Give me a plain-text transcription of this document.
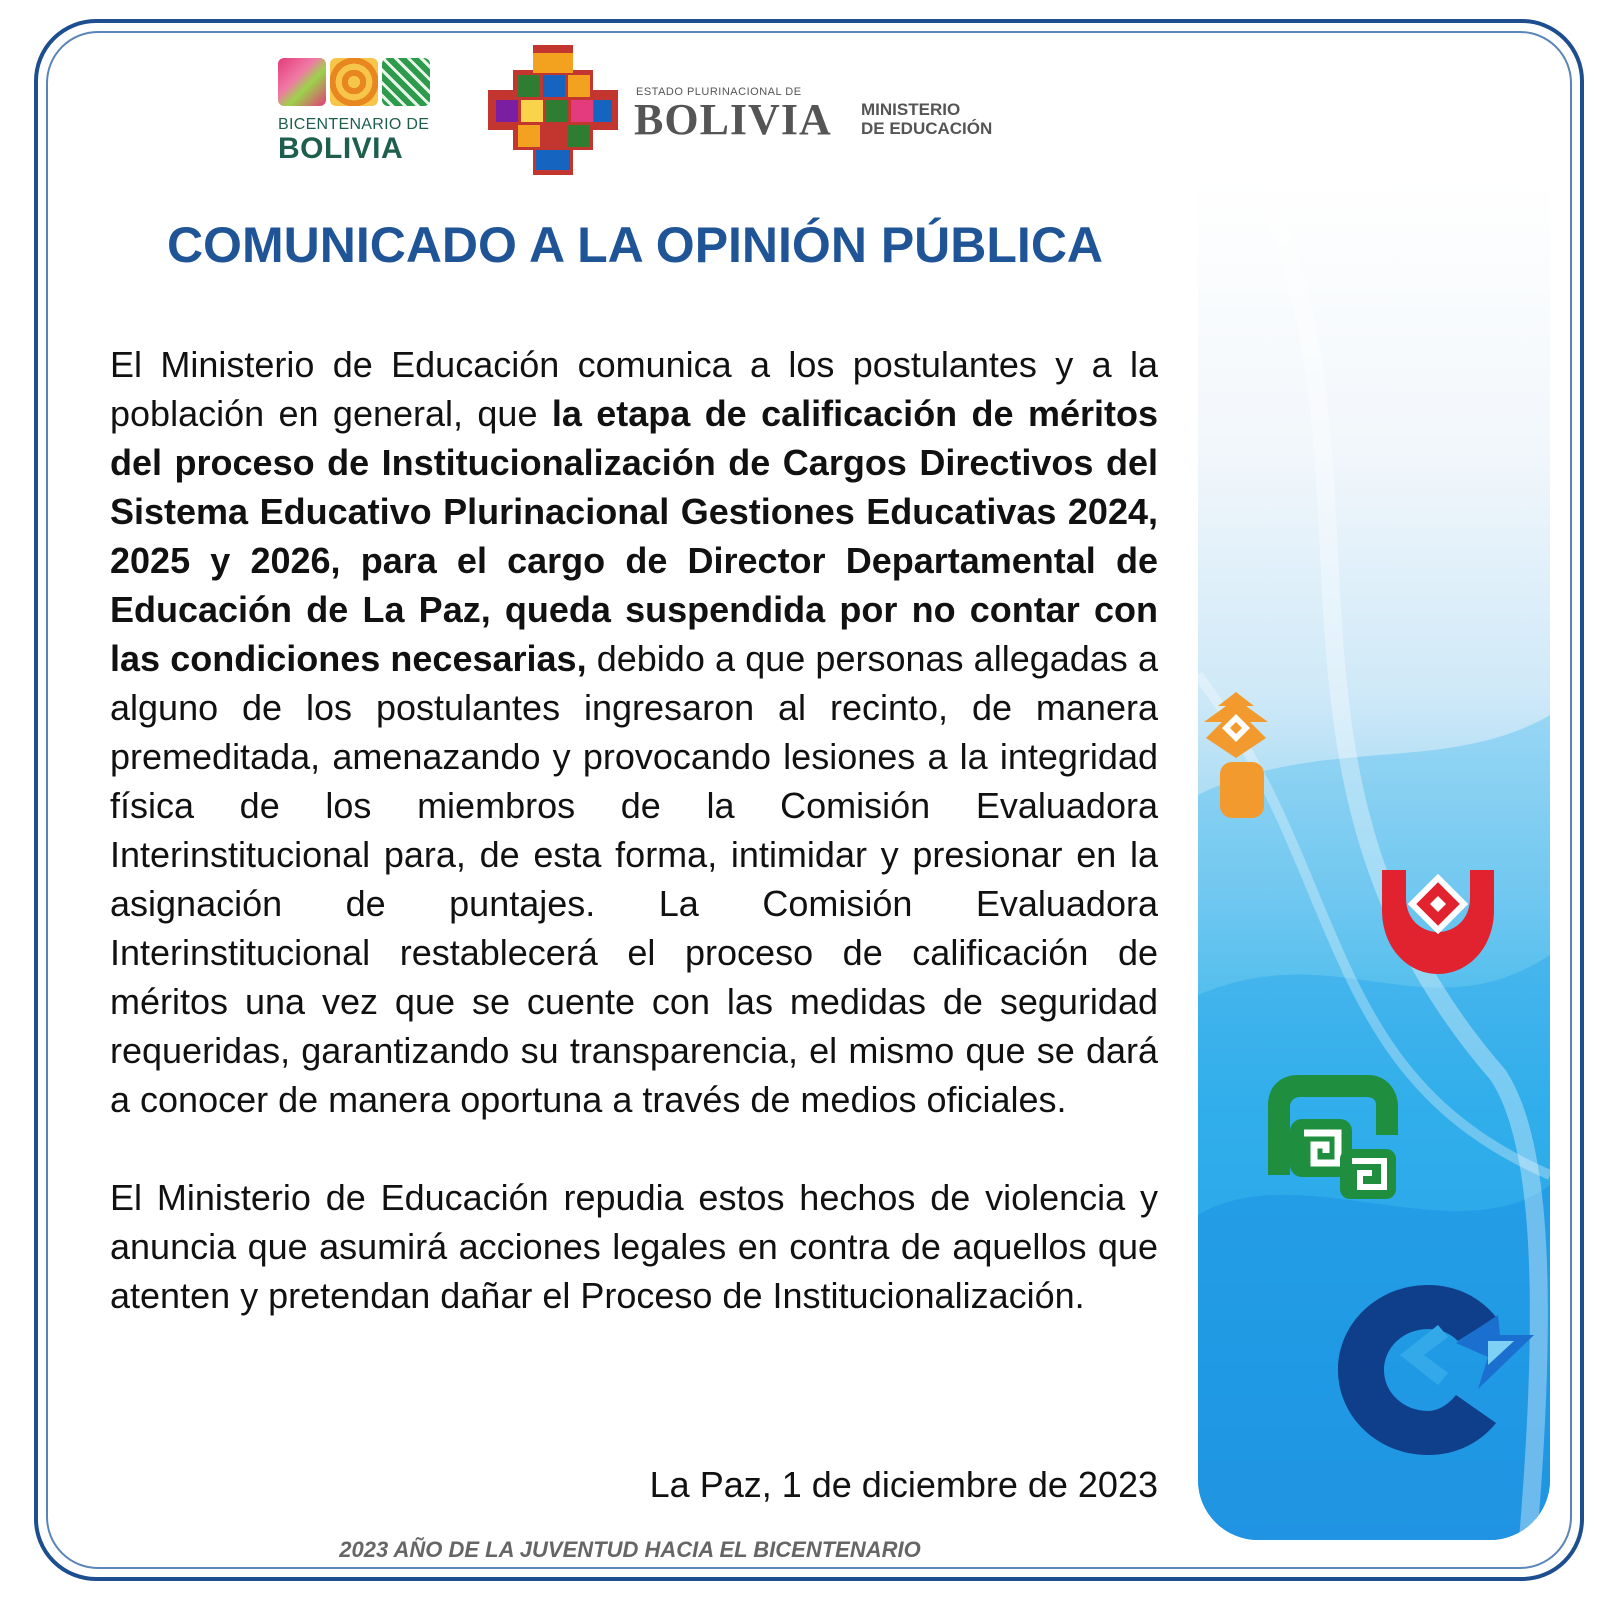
BICENTENARIO DE
BOLIVIA
ESTADO PLURINACIONAL DE
BOLIVIA MINISTERIO
DE EDUCACIÓN
COMUNICADO A LA OPINIÓN PÚBLICA

El Ministerio de Educación comunica a los postulantes y a la población en general, que la etapa de calificación de méritos del proceso de Institucionalización de Cargos Directivos del Sistema Educativo Plurinacional Gestiones Educativas 2024, 2025 y 2026, para el cargo de Director Departamental de Educación de La Paz, queda suspendida por no contar con las condiciones necesarias, debido a que personas allegadas a alguno de los postulantes ingresaron al recinto, de manera premeditada, amenazando y provocando lesiones a la integridad física de los miembros de la Comisión Evaluadora Interinstitucional para, de esta forma, intimidar y presionar en la asignación de puntajes. La Comisión Evaluadora Interinstitucional restablecerá el proceso de calificación de méritos una vez que se cuente con las medidas de seguridad requeridas, garantizando su transparencia, el mismo que se dará a conocer de manera oportuna a través de medios oficiales.

El Ministerio de Educación repudia estos hechos de violencia y anuncia que asumirá acciones legales en contra de aquellos que atenten y pretendan dañar el Proceso de Institucionalización.

La Paz, 1 de diciembre de 2023
2023 AÑO DE LA JUVENTUD HACIA EL BICENTENARIO
